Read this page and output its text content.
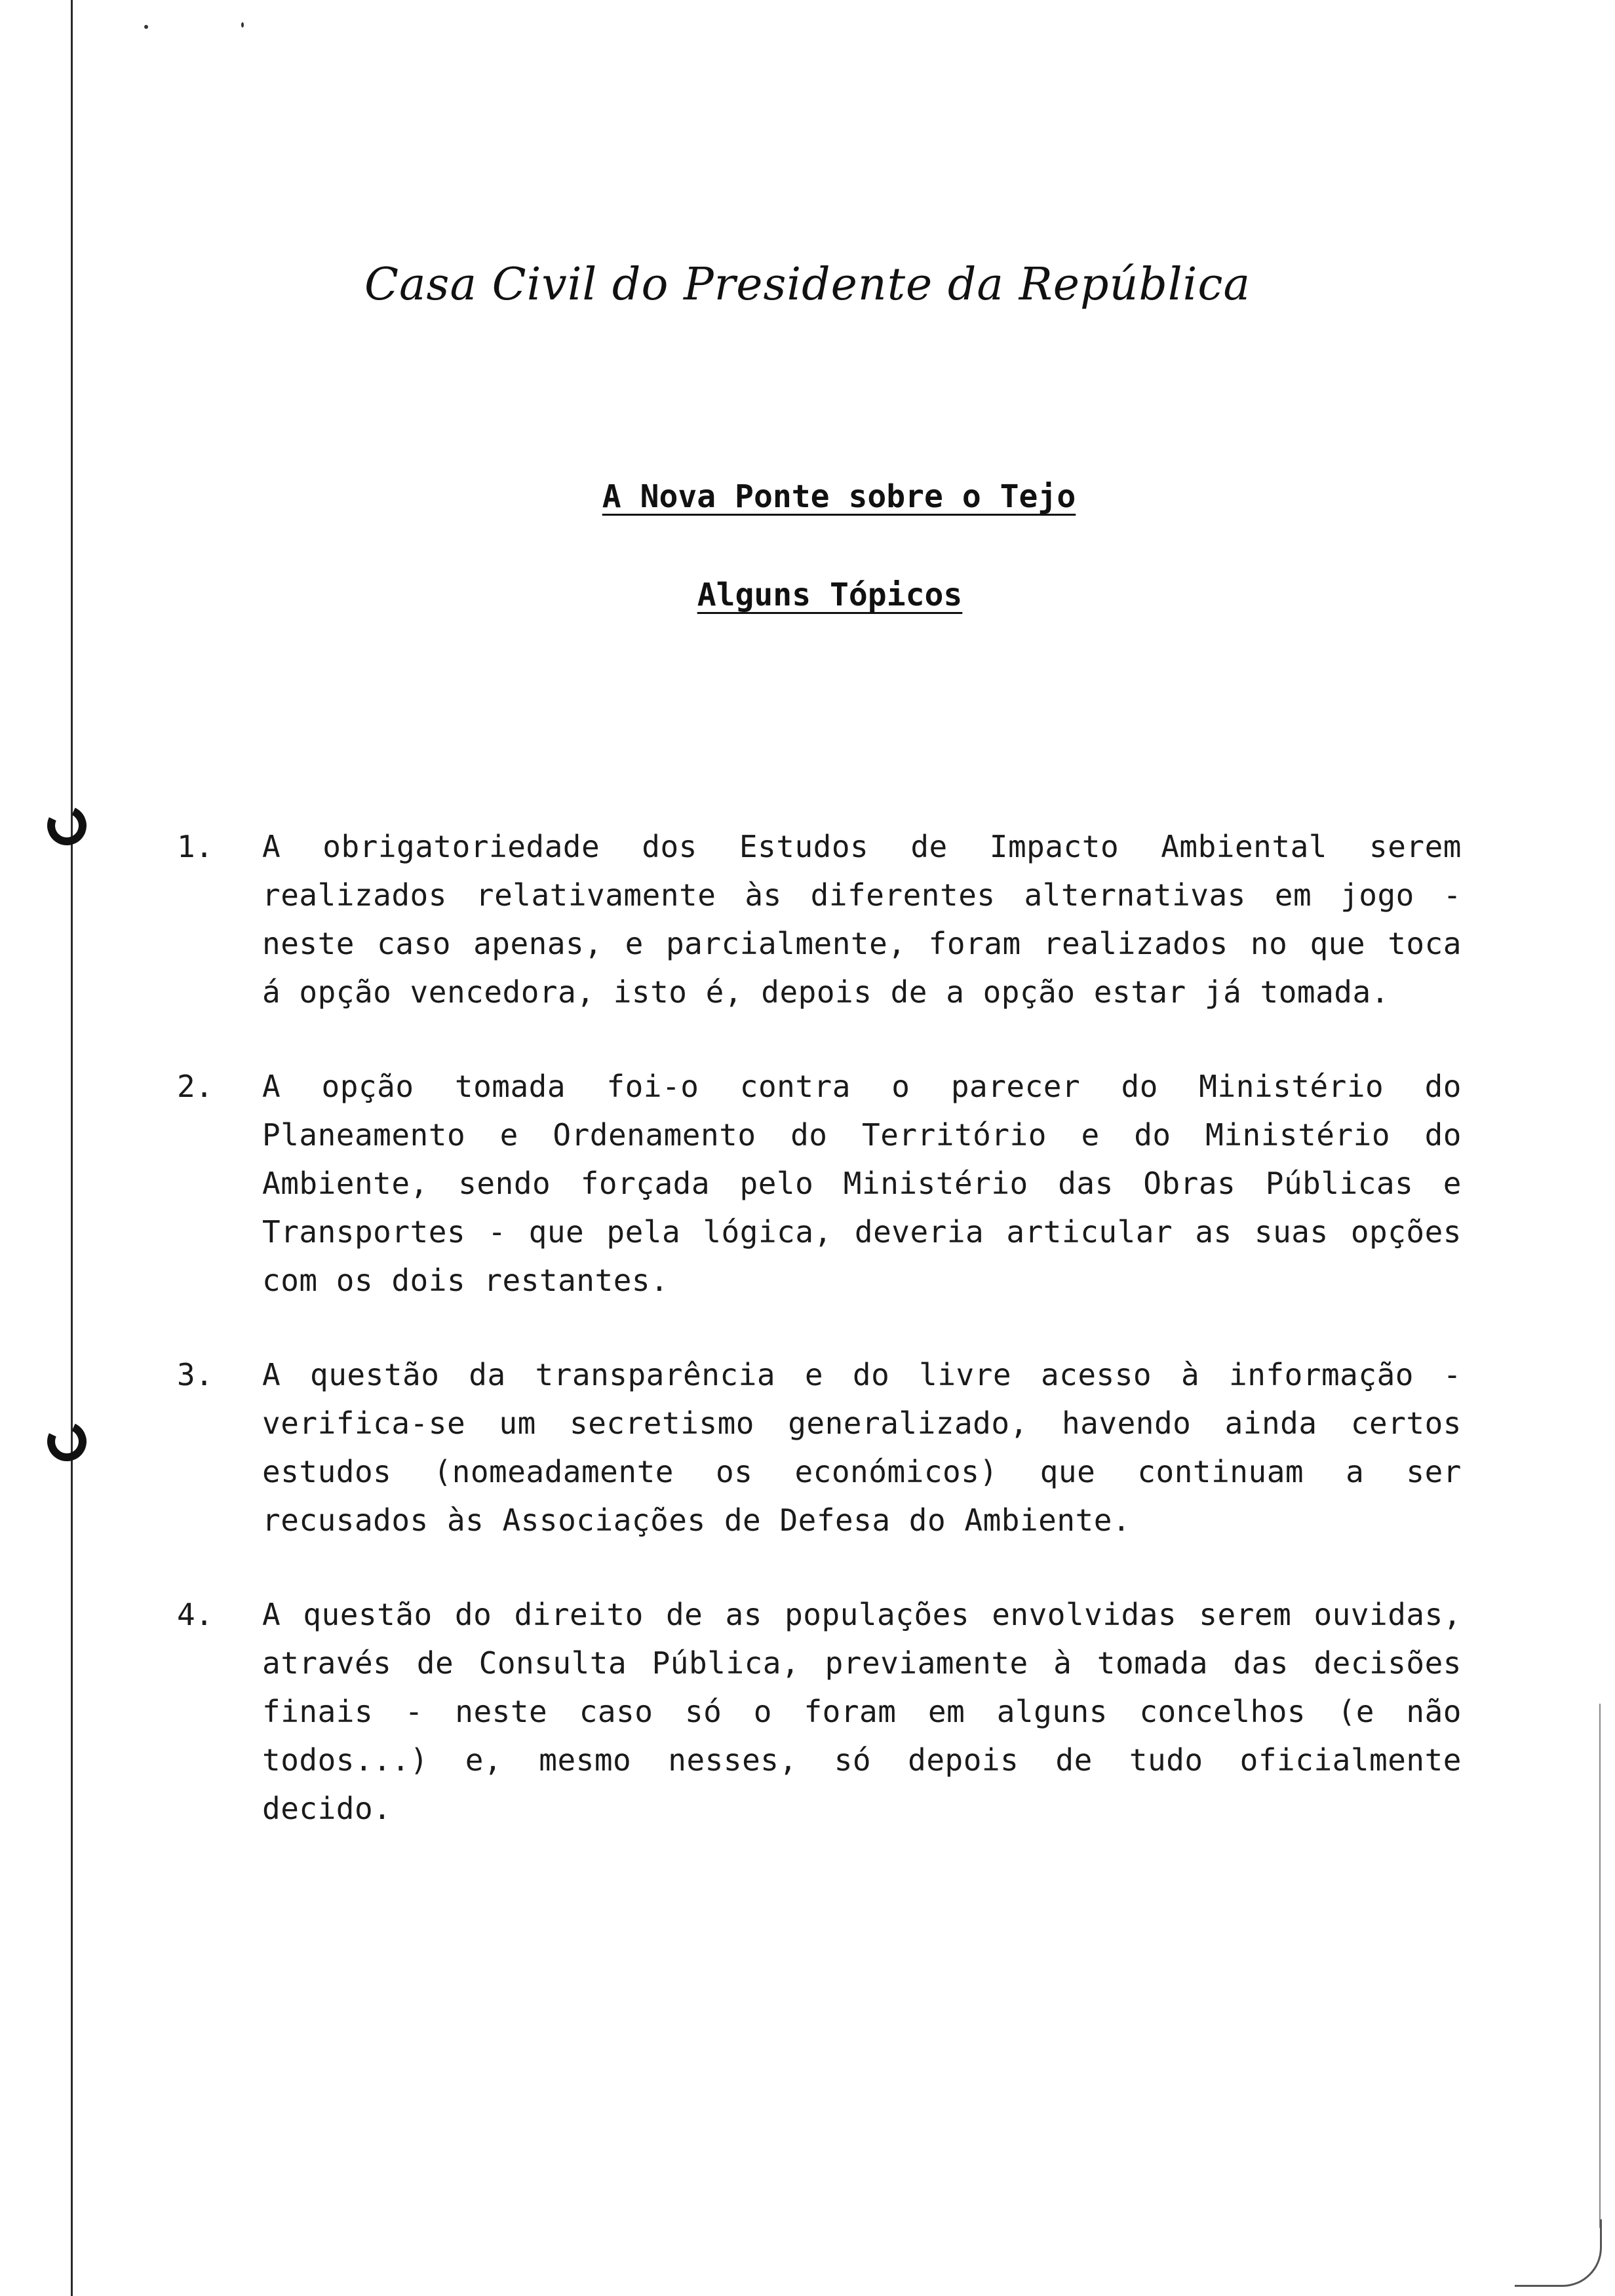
Casa Civil do Presidente da República
A Nova Ponte sobre o Tejo
Alguns Tópicos
1. A obrigatoriedade dos Estudos de Impacto Ambiental serem realizados relativamente às diferentes alternativas em jogo - neste caso apenas, e parcialmente, foram realizados no que toca á opção vencedora, isto é, depois de a opção estar já tomada.
2. A opção tomada foi-o contra o parecer do Ministério do Planeamento e Ordenamento do Território e do Ministério do Ambiente, sendo forçada pelo Ministério das Obras Públicas e Transportes - que pela lógica, deveria articular as suas opções com os dois restantes.
3. A questão da transparência e do livre acesso à informação - verifica-se um secretismo generalizado, havendo ainda certos estudos (nomeadamente os económicos) que continuam a ser recusados às Associações de Defesa do Ambiente.
4. A questão do direito de as populações envolvidas serem ouvidas, através de Consulta Pública, previamente à tomada das decisões finais - neste caso só o foram em alguns concelhos (e não todos...) e, mesmo nesses, só depois de tudo oficialmente decido.
